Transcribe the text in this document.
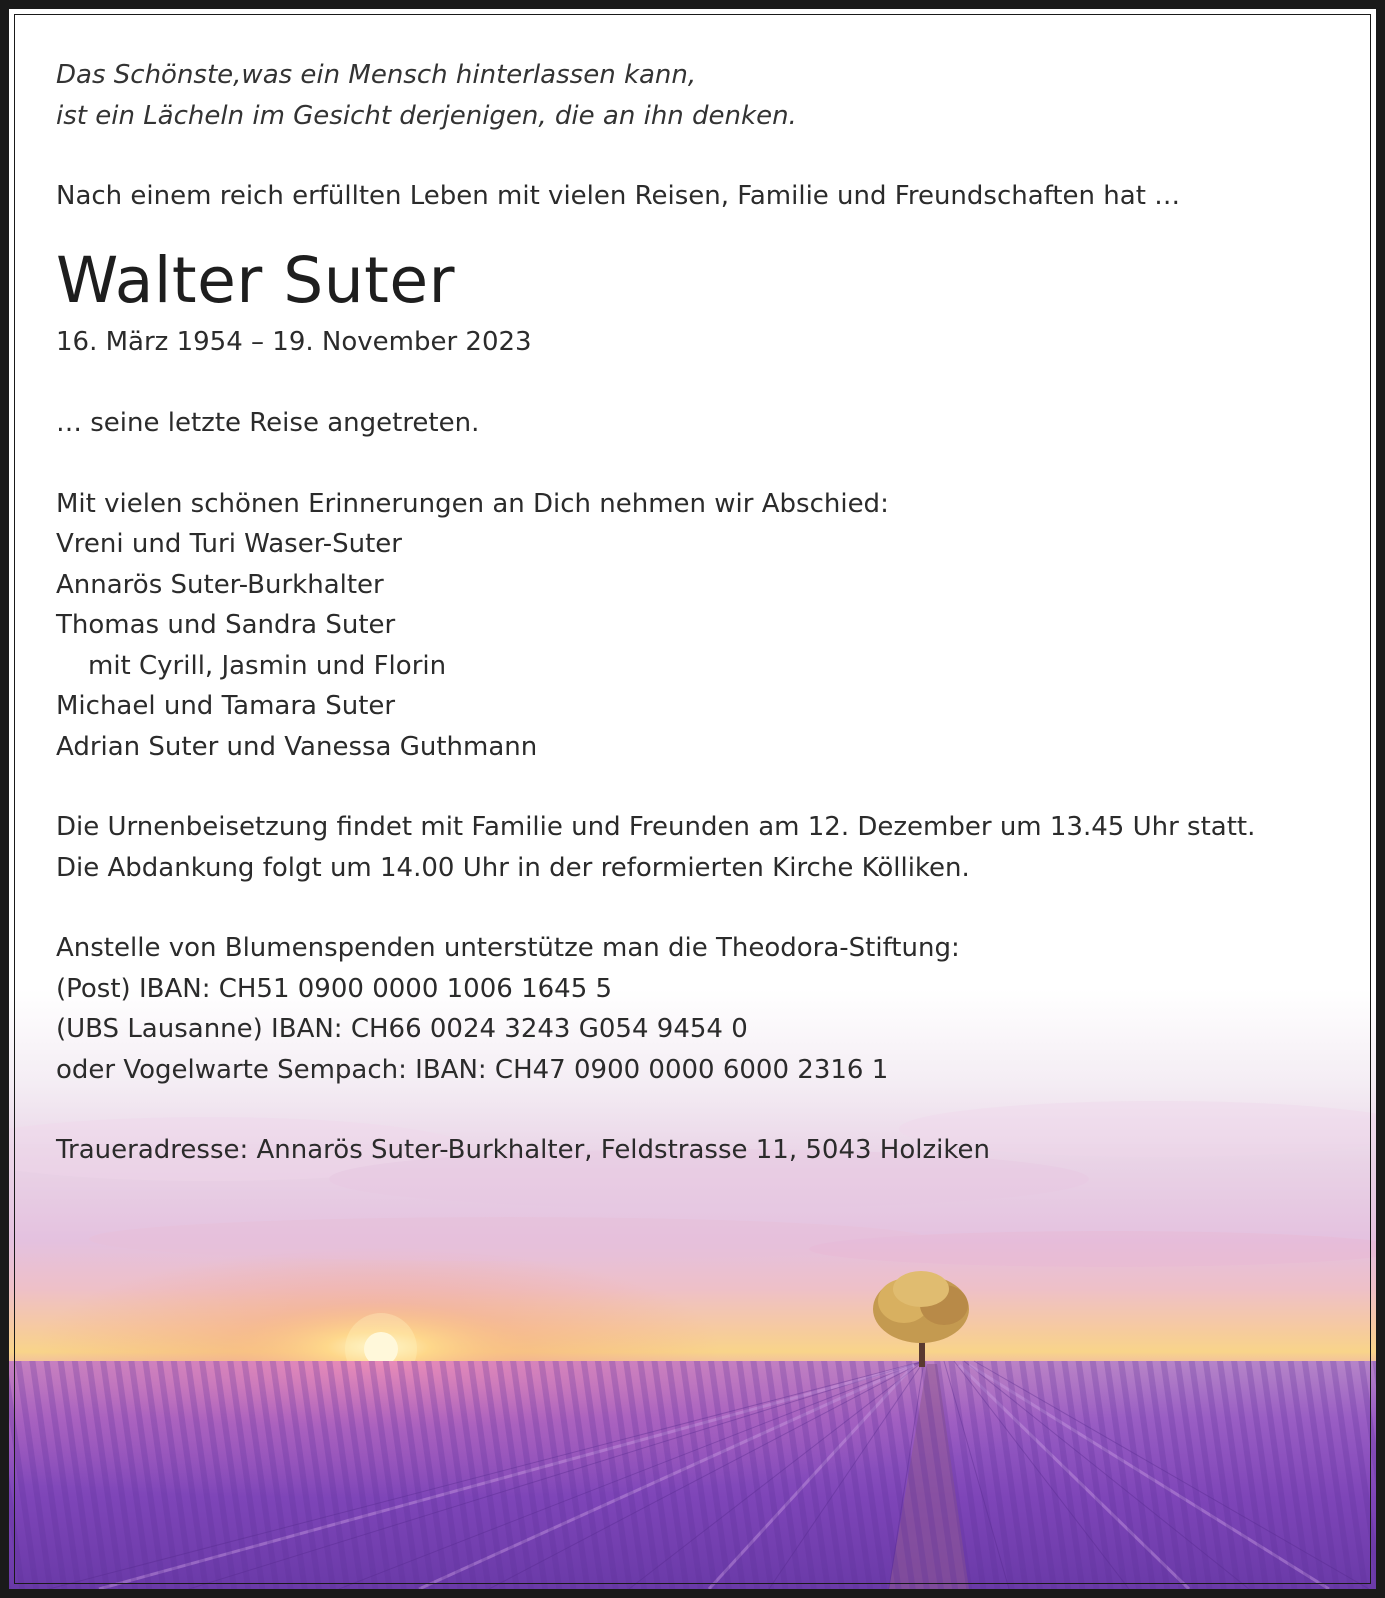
Das Schönste,was ein Mensch hinterlassen kann,
ist ein Lächeln im Gesicht derjenigen, die an ihn denken.
Nach einem reich erfüllten Leben mit vielen Reisen, Familie und Freundschaften hat …
Walter Suter
16. März 1954 – 19. November 2023
… seine letzte Reise angetreten.
Mit vielen schönen Erinnerungen an Dich nehmen wir Abschied:
Vreni und Turi Waser-Suter
Annarös Suter-Burkhalter
Thomas und Sandra Suter
mit Cyrill, Jasmin und Florin
Michael und Tamara Suter
Adrian Suter und Vanessa Guthmann
Die Urnenbeisetzung findet mit Familie und Freunden am 12. Dezember um 13.45 Uhr statt.
Die Abdankung folgt um 14.00 Uhr in der reformierten Kirche Kölliken.
Anstelle von Blumenspenden unterstütze man die Theodora-Stiftung:
(Post) IBAN: CH51 0900 0000 1006 1645 5
(UBS Lausanne) IBAN: CH66 0024 3243 G054 9454 0
oder Vogelwarte Sempach: IBAN: CH47 0900 0000 6000 2316 1
Traueradresse: Annarös Suter-Burkhalter, Feldstrasse 11, 5043 Holziken
